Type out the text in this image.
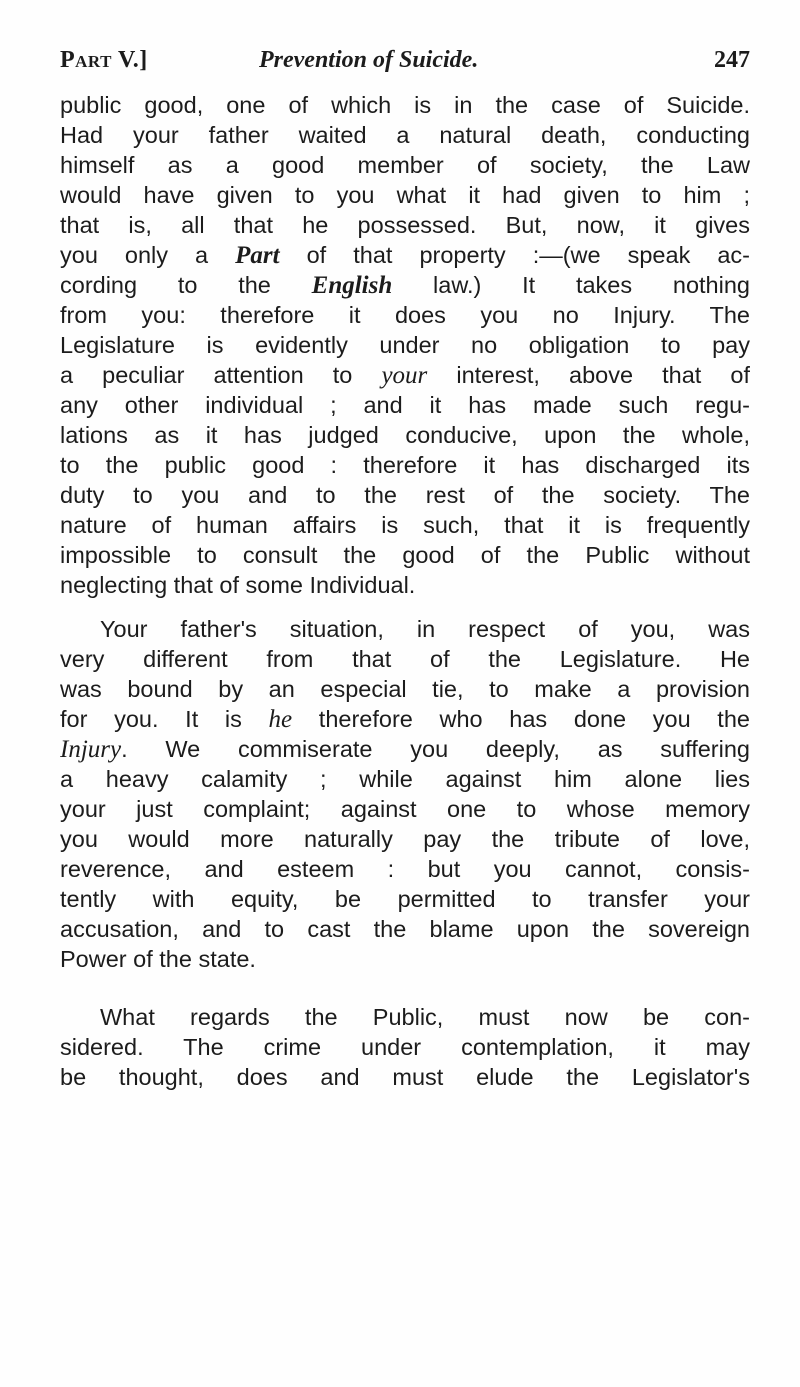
Part V.]	Prevention of Suicide.	247
public good, one of which is in the case of Suicide.
Had your father waited a natural death, conducting
himself as a good member of society, the Law
would have given to you what it had given to him ;
that is, all that he possessed. But, now, it gives
you only a Part of that property :—(we speak ac-
cording to the English law.) It takes nothing
from you: therefore it does you no Injury. The
Legislature is evidently under no obligation to pay
a peculiar attention to your interest, above that of
any other individual ; and it has made such regu-
lations as it has judged conducive, upon the whole,
to the public good : therefore it has discharged its
duty to you and to the rest of the society. The
nature of human affairs is such, that it is frequently
impossible to consult the good of the Public without
neglecting that of some Individual.
Your father's situation, in respect of you, was
very different from that of the Legislature. He
was bound by an especial tie, to make a provision
for you. It is he therefore who has done you the
Injury. We commiserate you deeply, as suffering
a heavy calamity ; while against him alone lies
your just complaint; against one to whose memory
you would more naturally pay the tribute of love,
reverence, and esteem : but you cannot, consis-
tently with equity, be permitted to transfer your
accusation, and to cast the blame upon the sovereign
Power of the state.
What regards the Public, must now be con-
sidered. The crime under contemplation, it may
be thought, does and must elude the Legislator's
